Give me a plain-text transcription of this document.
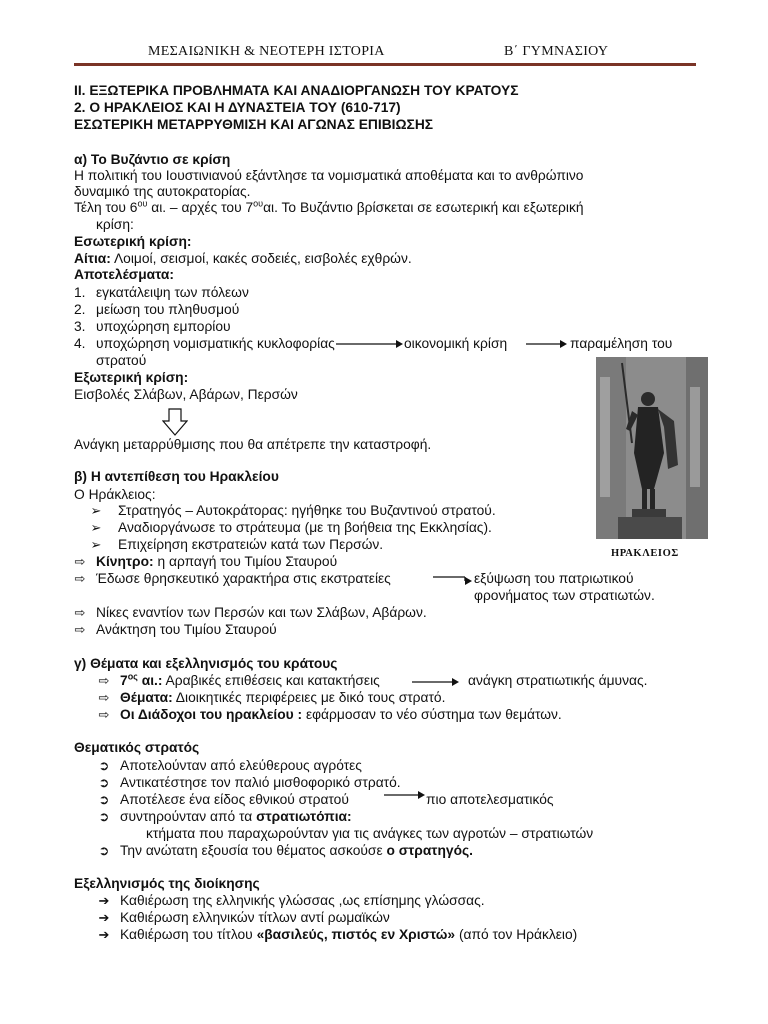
ΜΕΣΑΙΩΝΙΚΗ & ΝΕΟΤΕΡΗ ΙΣΤΟΡΙΑ	Β΄ ΓΥΜΝΑΣΙΟΥ
ΙΙ. ΕΞΩΤΕΡΙΚΑ ΠΡΟΒΛΗΜΑΤΑ ΚΑΙ ΑΝΑΔΙΟΡΓΑΝΩΣΗ ΤΟΥ ΚΡΑΤΟΥΣ
2. Ο ΗΡΑΚΛΕΙΟΣ ΚΑΙ Η ΔΥΝΑΣΤΕΙΑ ΤΟΥ (610-717)
ΕΣΩΤΕΡΙΚΗ ΜΕΤΑΡΡΥΘΜΙΣΗ ΚΑΙ ΑΓΩΝΑΣ ΕΠΙΒΙΩΣΗΣ
α) Το Βυζάντιο σε κρίση
Η πολιτική του Ιουστινιανού εξάντλησε τα νομισματικά αποθέματα και το ανθρώπινο
δυναμικό της αυτοκρατορίας.
Τέλη του $6^{o\upsilon}$ αι. – αρχές του $7^{o\upsilon}\alpha\iota$. Το Βυζάντιο βρίσκεται σε εσωτερική και εξωτερική
κρίση:
Εσωτερική κρίση:
Αίτια: Λοιμοί, σεισμοί, κακές σοδειές, εισβολές εχθρών.
Αποτελέσματα:
1. εγκατάλειψη των πόλεων
2. μείωση του πληθυσμού
3. υποχώρηση εμπορίου
4. υποχώρηση νομισματικής κυκλοφορίας	οικονομική κρίση	παραμέληση του
στρατού
Εξωτερική κρίση:
Εισβολές Σλάβων, Αβάρων, Περσών
Ανάγκη μεταρρύθμισης που θα απέτρεπε την καταστροφή.
ΗΡΑΚΛΕΙΟΣ
β) Η αντεπίθεση του Ηρακλείου
Ο Ηράκλειος:
➢ Στρατηγός – Αυτοκράτορας: ηγήθηκε του Βυζαντινού στρατού.
➢ Αναδιοργάνωσε το στράτευμα (με τη βοήθεια της Εκκλησίας).
➢ Επιχείρηση εκστρατειών κατά των Περσών.
⇨ Κίνητρο: η αρπαγή του Τιμίου Σταυρού
⇨ Έδωσε θρησκευτικό χαρακτήρα στις εκστρατείες	εξύψωση του πατριωτικού
φρονήματος των στρατιωτών.
⇨ Νίκες εναντίον των Περσών και των Σλάβων, Αβάρων.
⇨ Ανάκτηση του Τιμίου Σταυρού
γ) Θέματα και εξελληνισμός του κράτους
⇨ $7^{o\varsigma}$ αι.: Αραβικές επιθέσεις και κατακτήσεις	ανάγκη στρατιωτικής άμυνας.
⇨ Θέματα: Διοικητικές περιφέρειες με δικό τους στρατό.
⇨ Οι Διάδοχοι του ηρακλείου : εφάρμοσαν το νέο σύστημα των θεμάτων.
Θεματικός στρατός
➲ Αποτελούνταν από ελεύθερους αγρότες
➲ Αντικατέστησε τον παλιό μισθοφορικό στρατό.
➲ Αποτέλεσε ένα είδος εθνικού στρατού	πιο αποτελεσματικός
➲ συντηρούνταν από τα στρατιωτόπια:
κτήματα που παραχωρούνταν για τις ανάγκες των αγροτών – στρατιωτών
➲ Την ανώτατη εξουσία του θέματος ασκούσε ο στρατηγός.
Εξελληνισμός της διοίκησης
➔ Καθιέρωση της ελληνικής γλώσσας ,ως επίσημης γλώσσας.
➔ Καθιέρωση ελληνικών τίτλων αντί ρωμαϊκών
➔ Καθιέρωση του τίτλου «βασιλεύς, πιστός εν Χριστώ» (από τον Ηράκλειο)
